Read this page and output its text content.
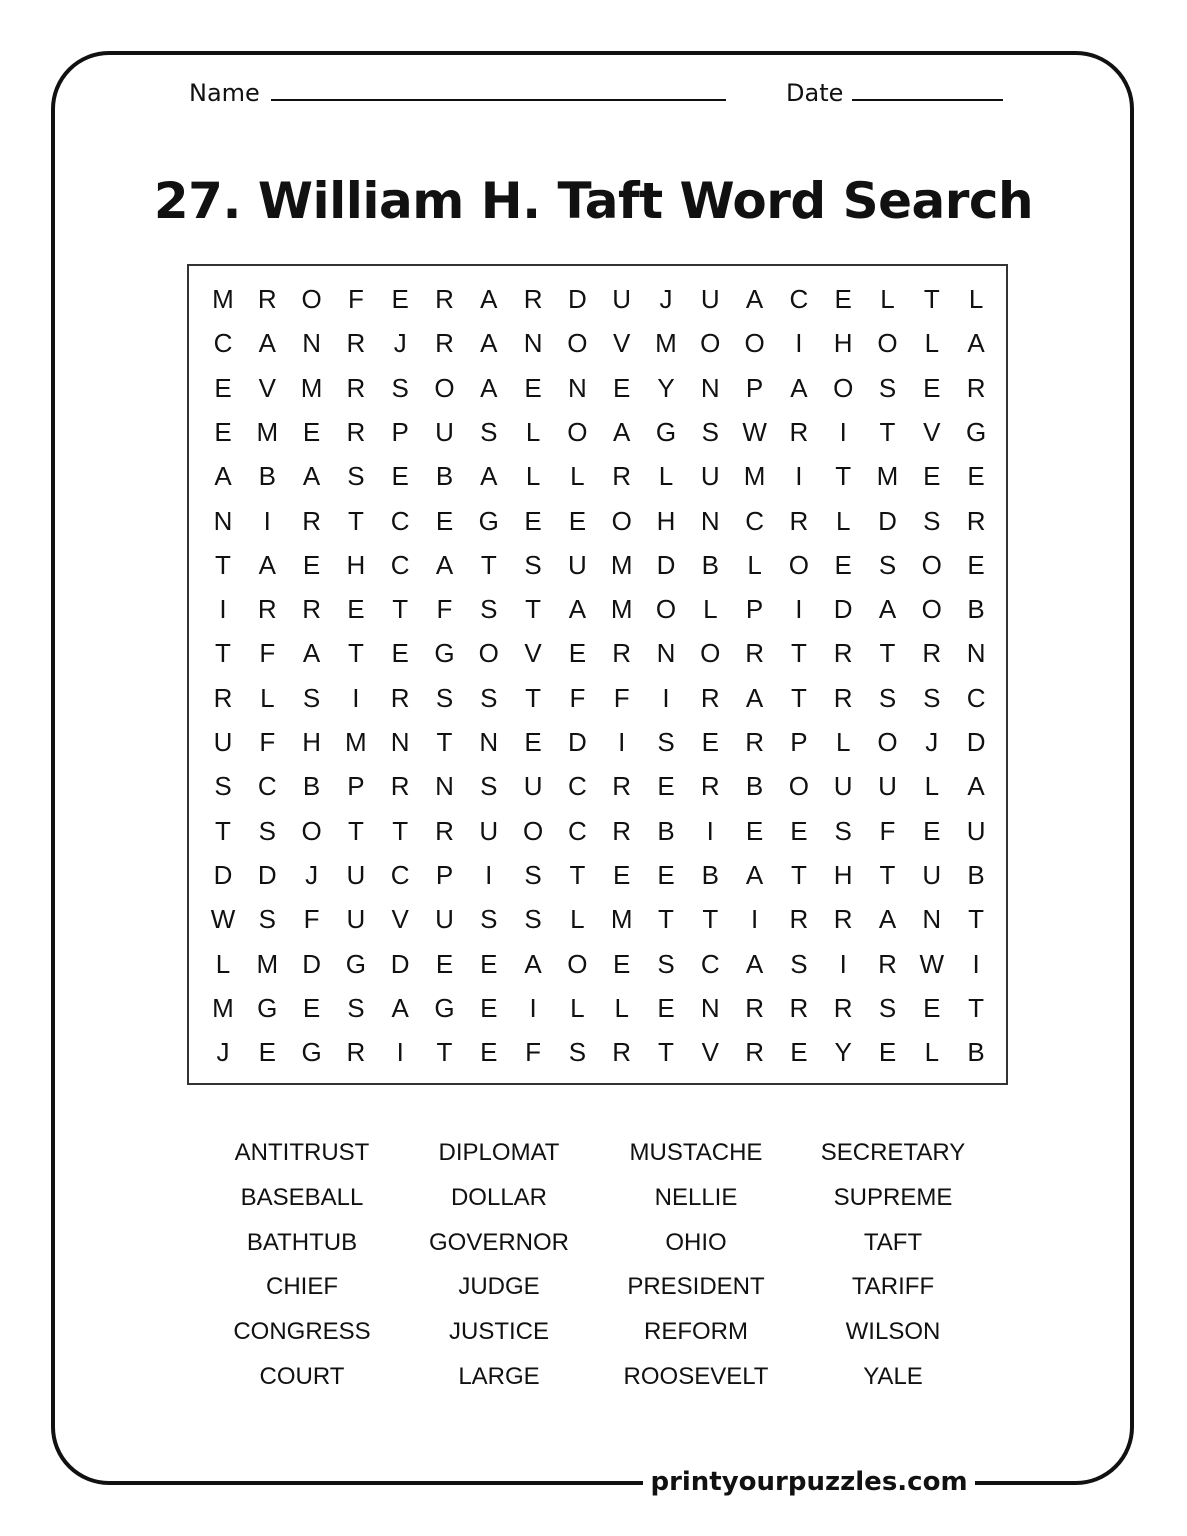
Name	Date
27. William H. Taft Word Search
M R O	F	E	R	A	R D U	J	U	A	C	E	L	T	L
C	A	N R	J	R	A	N O V M O O	I	H O	L	A
E	V M R	S O A	E	N	E	Y	N	P	A O S	E	R
E M E	R	P	U	S	L	O A G S W R	I	T	V G
A	B	A	S	E	B	A	L	L	R	L	U M	I	T M E	E
N	I	R	T	C	E G E	E O H N C R	L	D	S	R
T	A	E	H C	A	T	S	U M D	B	L	O E	S O E
I	R R	E	T	F	S	T	A M O	L	P	I	D	A O B
T	F	A	T	E G O V	E	R N O R	T	R	T	R N
R	L	S	I	R	S	S	T	F	F	I	R	A	T	R	S	S	C
U	F	H M N	T	N	E	D	I	S	E	R	P	L	O	J	D
S	C	B	P	R N	S	U C R	E	R	B O U U	L	A
T	S O	T	T	R U O C R	B	I	E	E	S	F	E	U
D D	J	U C	P	I	S	T	E	E	B	A	T	H	T	U	B
W S	F	U	V	U	S	S	L	M T	T	I	R R	A	N	T
L	M D G D	E	E	A O E	S	C	A	S	I	R W	I
M G E	S	A G E	I	L	L	E	N R R R	S	E	T
J	E G R	I	T	E	F	S	R	T	V	R	E	Y	E	L	B
ANTITRUST
BASEBALL
BATHTUB
CHIEF
CONGRESS
COURT
DIPLOMAT
DOLLAR
GOVERNOR
JUDGE
JUSTICE
LARGE
MUSTACHE
NELLIE
OHIO
PRESIDENT
REFORM
ROOSEVELT
SECRETARY
SUPREME
TAFT
TARIFF
WILSON
YALE
printyourpuzzles.com
